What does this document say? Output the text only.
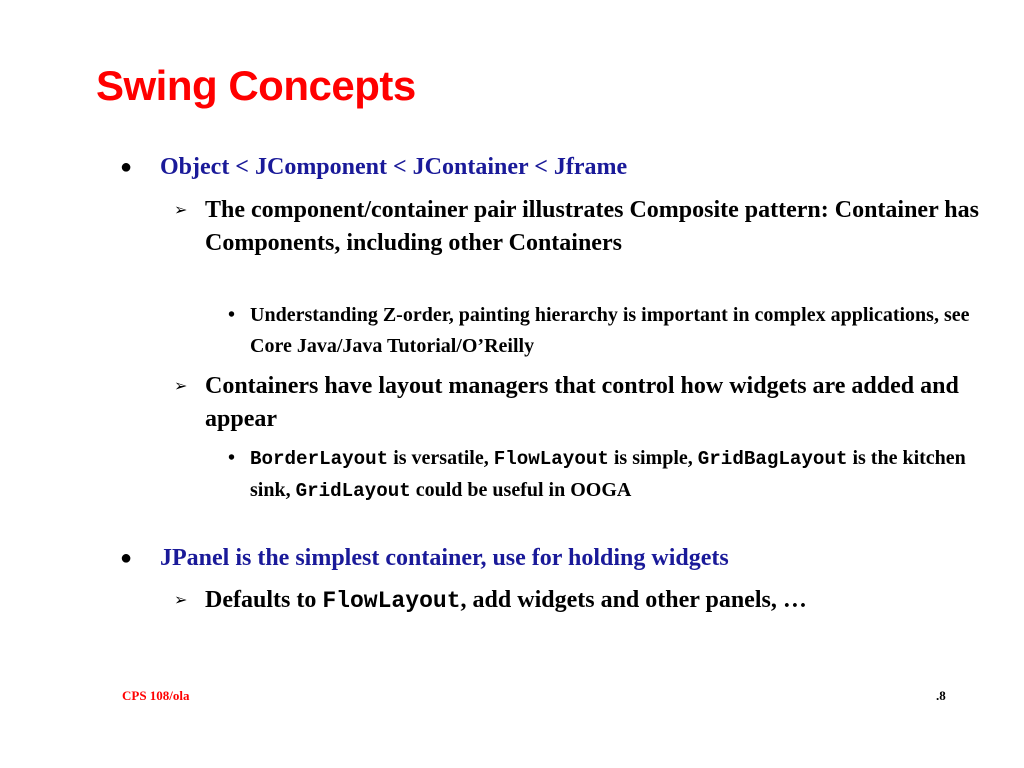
Swing Concepts
● Object < JComponent < JContainer < Jframe
➢ The component/container pair illustrates Composite pattern: Container has Components, including other Containers
• Understanding Z-order, painting hierarchy is important in complex applications, see Core Java/Java Tutorial/O’Reilly
➢ Containers have layout managers that control how widgets are added and appear
• BorderLayout is versatile, FlowLayout is simple, GridBagLayout is the kitchen sink, GridLayout could be useful in OOGA
● JPanel is the simplest container, use for holding widgets
➢ Defaults to FlowLayout, add widgets and other panels, …
CPS 108/ola	.8
